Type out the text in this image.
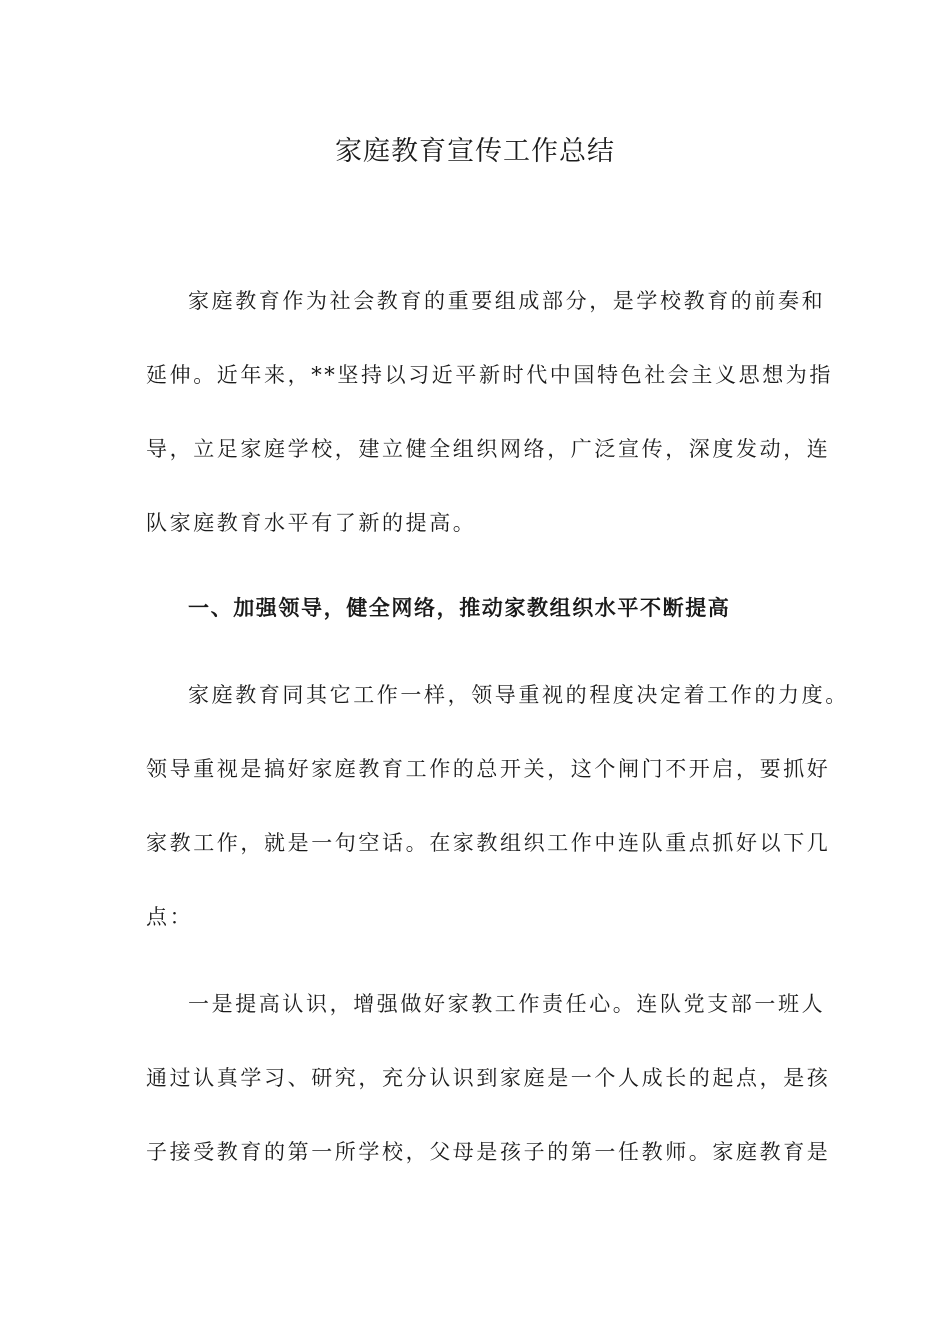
家庭教育宣传工作总结

家庭教育作为社会教育的重要组成部分，是学校教育的前奏和

延伸。近年来，**坚持以习近平新时代中国特色社会主义思想为指

导，立足家庭学校，建立健全组织网络，广泛宣传，深度发动，连

队家庭教育水平有了新的提高。

一、加强领导，健全网络，推动家教组织水平不断提高

家庭教育同其它工作一样，领导重视的程度决定着工作的力度。

领导重视是搞好家庭教育工作的总开关，这个闸门不开启，要抓好

家教工作，就是一句空话。在家教组织工作中连队重点抓好以下几

点：

一是提高认识，增强做好家教工作责任心。连队党支部一班人

通过认真学习、研究，充分认识到家庭是一个人成长的起点，是孩

子接受教育的第一所学校，父母是孩子的第一任教师。家庭教育是
